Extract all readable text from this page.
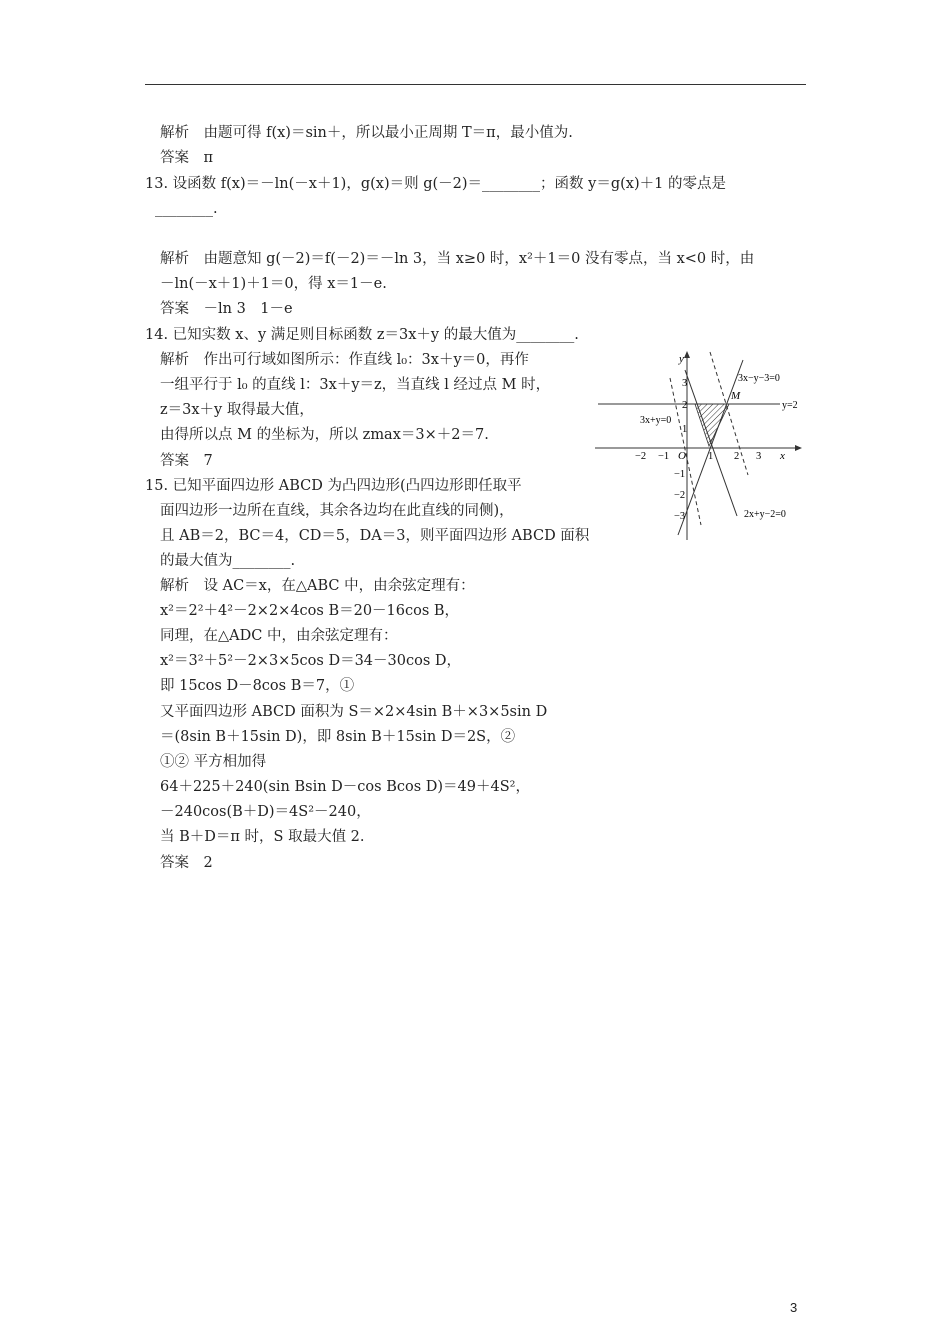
解析　由题可得 f(x)＝sin＋，所以最小正周期 T＝π，最小值为.
答案　π
13. 设函数 f(x)＝－ln(－x＋1)，g(x)＝则 g(－2)＝________；函数 y＝g(x)＋1 的零点是
________.
解析　由题意知 g(－2)＝f(－2)＝－ln 3，当 x≥0 时，x²＋1＝0 没有零点，当 x<0 时，由
－ln(－x＋1)＋1＝0，得 x＝1－e.
答案　－ln 3　1－e
14. 已知实数 x、y 满足则目标函数 z＝3x＋y 的最大值为________.
解析　作出可行域如图所示：作直线 l₀：3x＋y＝0，再作
一组平行于 l₀ 的直线 l：3x＋y＝z，当直线 l 经过点 M 时，
z＝3x＋y 取得最大值，
由得所以点 M 的坐标为，所以 zmax＝3×＋2＝7.
答案　7
15. 已知平面四边形 ABCD 为凸四边形(凸四边形即任取平
面四边形一边所在直线，其余各边均在此直线的同侧)，
且 AB＝2，BC＝4，CD＝5，DA＝3，则平面四边形 ABCD 面积
的最大值为________.
解析　设 AC＝x，在△ABC 中，由余弦定理有：
x²＝2²＋4²－2×2×4cos B＝20－16cos B，
同理，在△ADC 中，由余弦定理有：
x²＝3²＋5²－2×3×5cos D＝34－30cos D，
即 15cos D－8cos B＝7，①
又平面四边形 ABCD 面积为 S＝×2×4sin B＋×3×5sin D
＝(8sin B＋15sin D)，即 8sin B＋15sin D＝2S，②
①② 平方相加得
64＋225＋240(sin Bsin D－cos Bcos D)＝49＋4S²，
－240cos(B＋D)＝4S²－240，
当 B＋D＝π 时，S 取最大值 2.
答案　2
x
y
O
−2 −1	1 2 3
3
2
1
−1
−2
−3
3x−y−3=0
y=2
3x+y=0
2x+y−2=0
M
3
